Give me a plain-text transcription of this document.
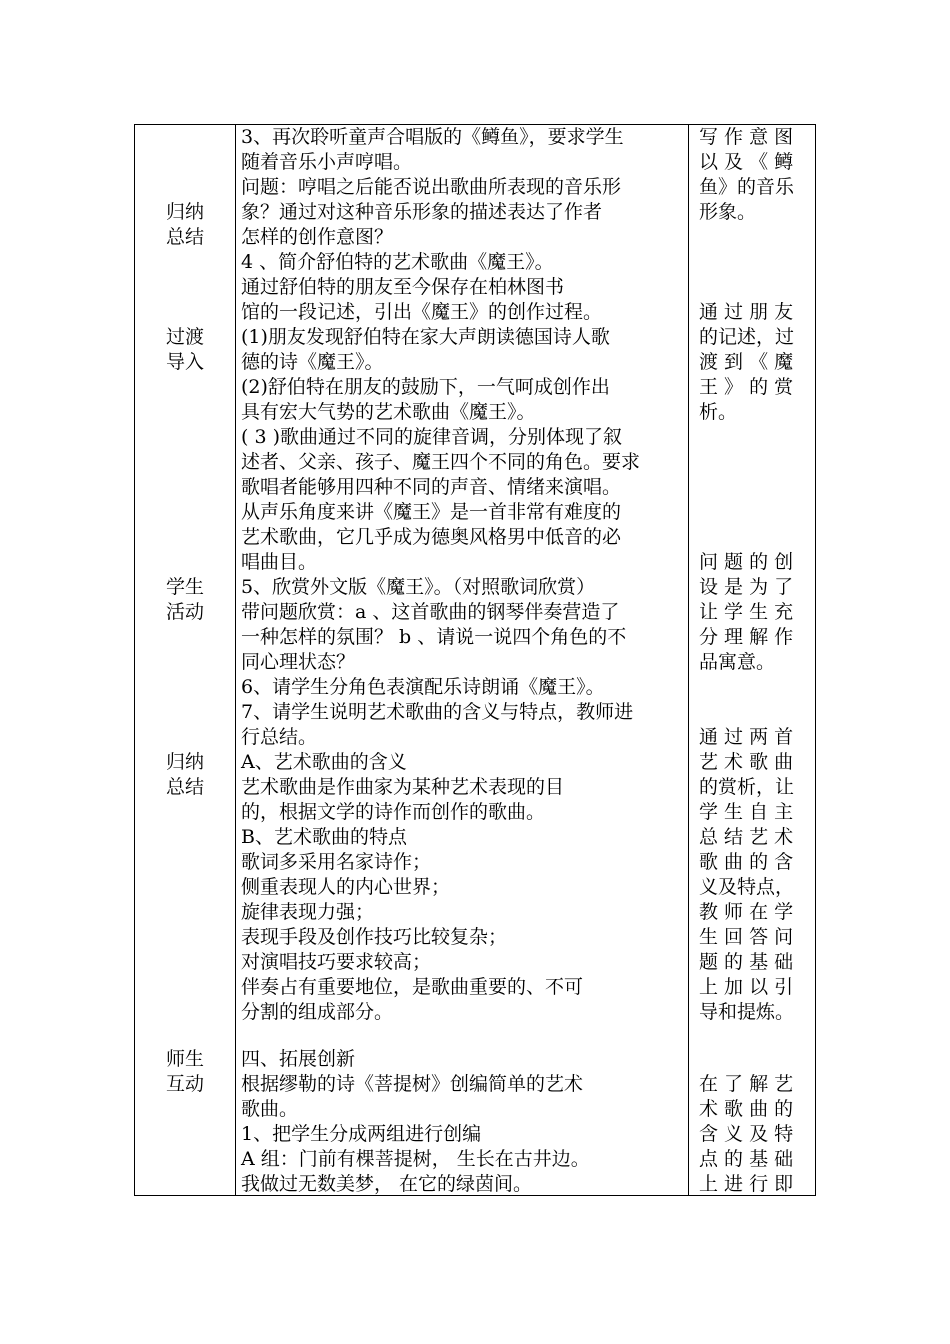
归纳
总结
3、再次聆听童声合唱版的《鳟鱼》，要求学生
随着音乐小声哼唱。
问题：哼唱之后能否说出歌曲所表现的音乐形
象？通过对这种音乐形象的描述表达了作者
怎样的创作意图？
写 作 意 图
以 及 《 鳟
鱼》的音乐
形象。
过渡
导入
4 、简介舒伯特的艺术歌曲《魔王》。
通过舒伯特的朋友至今保存在柏林图书
馆的一段记述，引出《魔王》的创作过程。
(1)朋友发现舒伯特在家大声朗读德国诗人歌
德的诗《魔王》。
(2)舒伯特在朋友的鼓励下，一气呵成创作出
具有宏大气势的艺术歌曲《魔王》。
( 3 )歌曲通过不同的旋律音调，分别体现了叙
述者、父亲、孩子、魔王四个不同的角色。要求
歌唱者能够用四种不同的声音、情绪来演唱。
从声乐角度来讲《魔王》是一首非常有难度的
艺术歌曲，它几乎成为德奥风格男中低音的必
唱曲目。
通 过 朋 友
的记述，过
渡 到 《 魔
王 》 的 赏
析。
学生
活动
5、欣赏外文版《魔王》。（对照歌词欣赏）
带问题欣赏：a 、这首歌曲的钢琴伴奏营造了
一种怎样的氛围？ b 、请说一说四个角色的不
同心理状态？
6、请学生分角色表演配乐诗朗诵《魔王》。
7、请学生说明艺术歌曲的含义与特点，教师进
行总结。
问 题 的 创
设 是 为 了
让 学 生 充
分 理 解 作
品寓意。
归纳
总结
A、艺术歌曲的含义
艺术歌曲是作曲家为某种艺术表现的目
的，根据文学的诗作而创作的歌曲。
B、艺术歌曲的特点
歌词多采用名家诗作；
侧重表现人的内心世界；
旋律表现力强；
表现手段及创作技巧比较复杂；
对演唱技巧要求较高；
伴奏占有重要地位，是歌曲重要的、不可
分割的组成部分。
通 过 两 首
艺 术 歌 曲
的赏析，让
学 生 自 主
总 结 艺 术
歌 曲 的 含
义及特点，
教 师 在 学
生 回 答 问
题 的 基 础
上 加 以 引
导和提炼。
师生
互动
四、拓展创新
根据缪勒的诗《菩提树》创编简单的艺术
歌曲。
1、把学生分成两组进行创编
A 组：门前有棵菩提树， 生长在古井边。
我做过无数美梦， 在它的绿茵间。
在 了 解 艺
术 歌 曲 的
含 义 及 特
点 的 基 础
上 进 行 即
